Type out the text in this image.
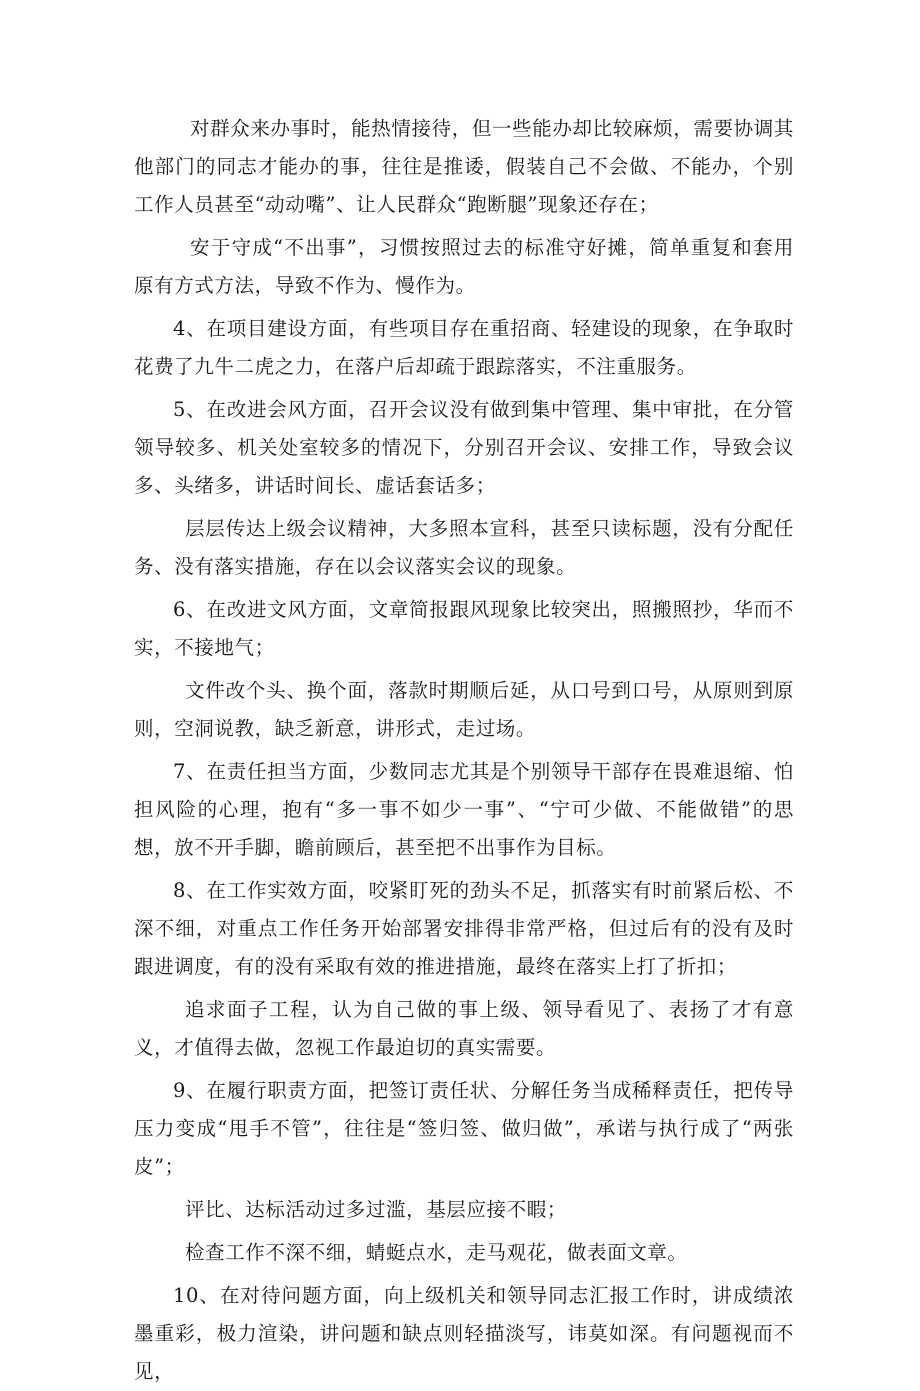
对群众来办事时，能热情接待，但一些能办却比较麻烦，需要协调其他部门的同志才能办的事，往往是推诿，假装自己不会做、不能办，个别工作人员甚至“动动嘴”、让人民群众“跑断腿”现象还存在；

安于守成“不出事”，习惯按照过去的标准守好摊，简单重复和套用原有方式方法，导致不作为、慢作为。

4、在项目建设方面，有些项目存在重招商、轻建设的现象，在争取时花费了九牛二虎之力，在落户后却疏于跟踪落实，不注重服务。

5、在改进会风方面，召开会议没有做到集中管理、集中审批，在分管领导较多、机关处室较多的情况下，分别召开会议、安排工作，导致会议多、头绪多，讲话时间长、虚话套话多；

层层传达上级会议精神，大多照本宣科，甚至只读标题，没有分配任务、没有落实措施，存在以会议落实会议的现象。

6、在改进文风方面，文章简报跟风现象比较突出，照搬照抄，华而不实，不接地气；

文件改个头、换个面，落款时期顺后延，从口号到口号，从原则到原则，空洞说教，缺乏新意，讲形式，走过场。

7、在责任担当方面，少数同志尤其是个别领导干部存在畏难退缩、怕担风险的心理，抱有“多一事不如少一事”、“宁可少做、不能做错”的思想，放不开手脚，瞻前顾后，甚至把不出事作为目标。

8、在工作实效方面，咬紧盯死的劲头不足，抓落实有时前紧后松、不深不细，对重点工作任务开始部署安排得非常严格，但过后有的没有及时跟进调度，有的没有采取有效的推进措施，最终在落实上打了折扣；

追求面子工程，认为自己做的事上级、领导看见了、表扬了才有意义，才值得去做，忽视工作最迫切的真实需要。

9、在履行职责方面，把签订责任状、分解任务当成稀释责任，把传导压力变成“甩手不管”，往往是“签归签、做归做”，承诺与执行成了“两张皮”；

评比、达标活动过多过滥，基层应接不暇；

检查工作不深不细，蜻蜓点水，走马观花，做表面文章。

10、在对待问题方面，向上级机关和领导同志汇报工作时，讲成绩浓墨重彩，极力渲染，讲问题和缺点则轻描淡写，讳莫如深。有问题视而不见，
